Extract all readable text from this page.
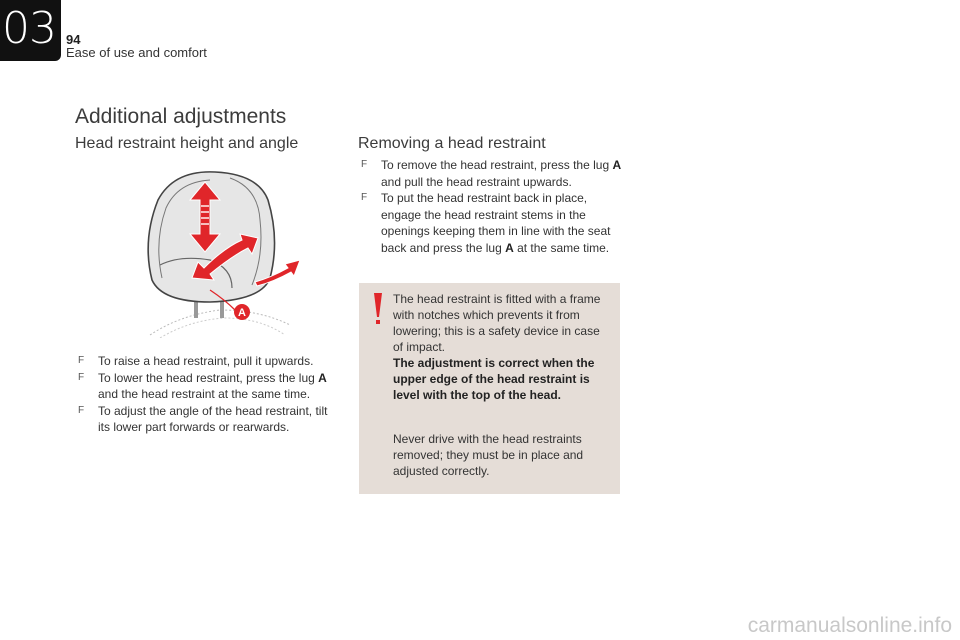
03 94
Ease of use and comfort
Additional adjustments
Head restraint height and angle	Removing a head restraint
A
F To raise a head restraint, pull it upwards.
F To lower the head restraint, press the lug A and the head restraint at the same time.
F To adjust the angle of the head restraint, tilt its lower part forwards or rearwards.
F To remove the head restraint, press the lug A and pull the head restraint upwards.
F To put the head restraint back in place, engage the head restraint stems in the openings keeping them in line with the seat back and press the lug A at the same time.

The head restraint is fitted with a frame with notches which prevents it from lowering; this is a safety device in case of impact.

The adjustment is correct when the upper edge of the head restraint is level with the top of the head.

Never drive with the head restraints removed; they must be in place and adjusted correctly.

carmanualsonline.info
